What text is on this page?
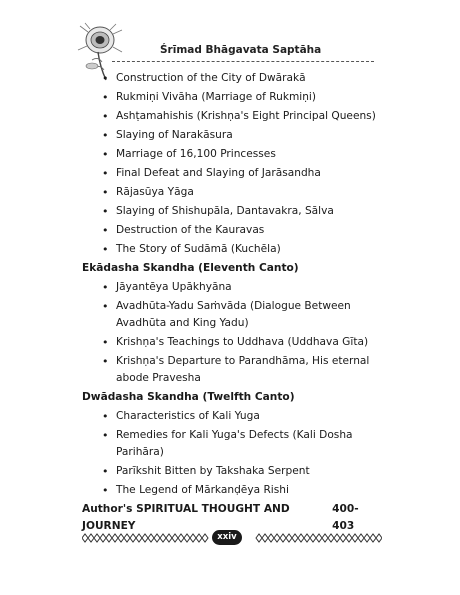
Śrīmad Bhāgavata Saptāha
• Construction of the City of Dwārakā
• Rukmiṇi Vivāha (Marriage of Rukmiṇi)
• Ashṭamahishis (Krishṇa's Eight Principal Queens)
• Slaying of Narakāsura
• Marriage of 16,100 Princesses
• Final Defeat and Slaying of Jarāsandha
• Rājasūya Yāga
• Slaying of Shishupāla, Dantavakra, Sālva
• Destruction of the Kauravas
• The Story of Sudāmā (Kuchēla)
Ekādasha Skandha (Eleventh Canto)
• Jāyantēya Upākhyāna
• Avadhūta-Yadu Saṁvāda (Dialogue Between Avadhūta and King Yadu)
• Krishṇa's Teachings to Uddhava (Uddhava Gīta)
• Krishṇa's Departure to Parandhāma, His eternal abode Pravesha
Dwādasha Skandha (Twelfth Canto)
• Characteristics of Kali Yuga
• Remedies for Kali Yuga's Defects (Kali Dosha Parihāra)
• Parīkshit Bitten by Takshaka Serpent
• The Legend of Mārkanḍēya Rishi
Author's SPIRITUAL THOUGHT AND JOURNEY
400-403
xxiv
